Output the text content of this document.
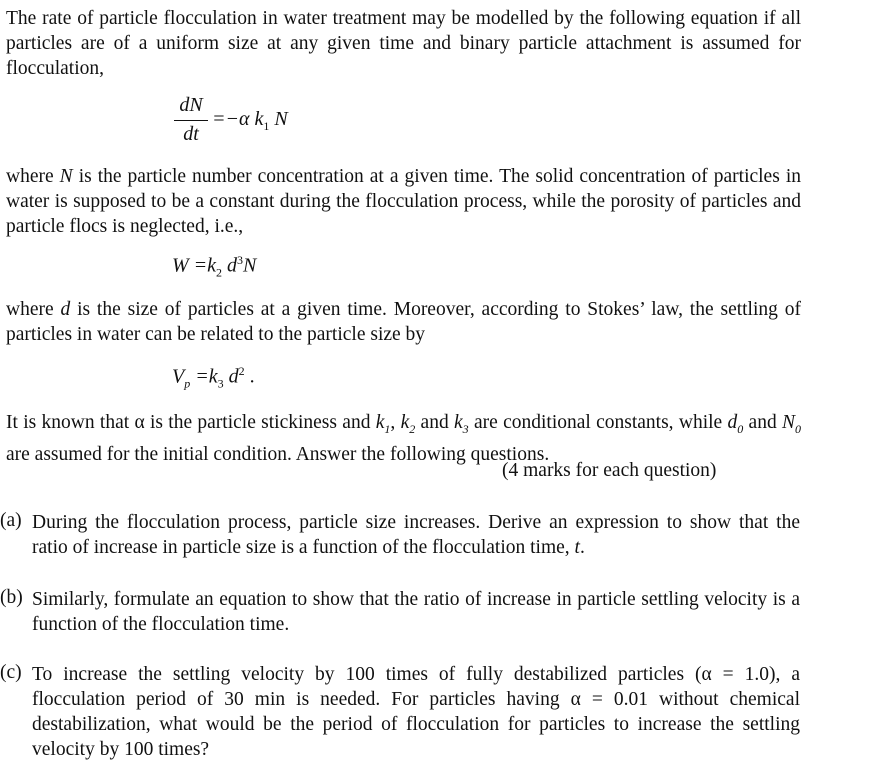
The rate of particle flocculation in water treatment may be modelled by the following equation if all particles are of a uniform size at any given time and binary particle attachment is assumed for flocculation,

dN
dt
=−α $k_1$ N

where N is the particle number concentration at a given time. The solid concentration of particles in water is supposed to be a constant during the flocculation process, while the porosity of particles and particle flocs is neglected, i.e.,

$W =k_2$ $d^3N$

where d is the size of particles at a given time. Moreover, according to Stokes’ law, the settling of particles in water can be related to the particle size by

$V_p =k_3$ $d^2$ .

It is known that α is the particle stickiness and $k_1$, $k_2$ and $k_3$ are conditional constants, while $d_0$ and $N_0$ are assumed for the initial condition. Answer the following questions.

(4 marks for each question)
(a) During the flocculation process, particle size increases. Derive an expression to show that the ratio of increase in particle size is a function of the flocculation time, t.
(b) Similarly, formulate an equation to show that the ratio of increase in particle settling velocity is a function of the flocculation time.
(c) To increase the settling velocity by 100 times of fully destabilized particles (α = 1.0), a flocculation period of 30 min is needed. For particles having α = 0.01 without chemical destabilization, what would be the period of flocculation for particles to increase the settling velocity by 100 times?
